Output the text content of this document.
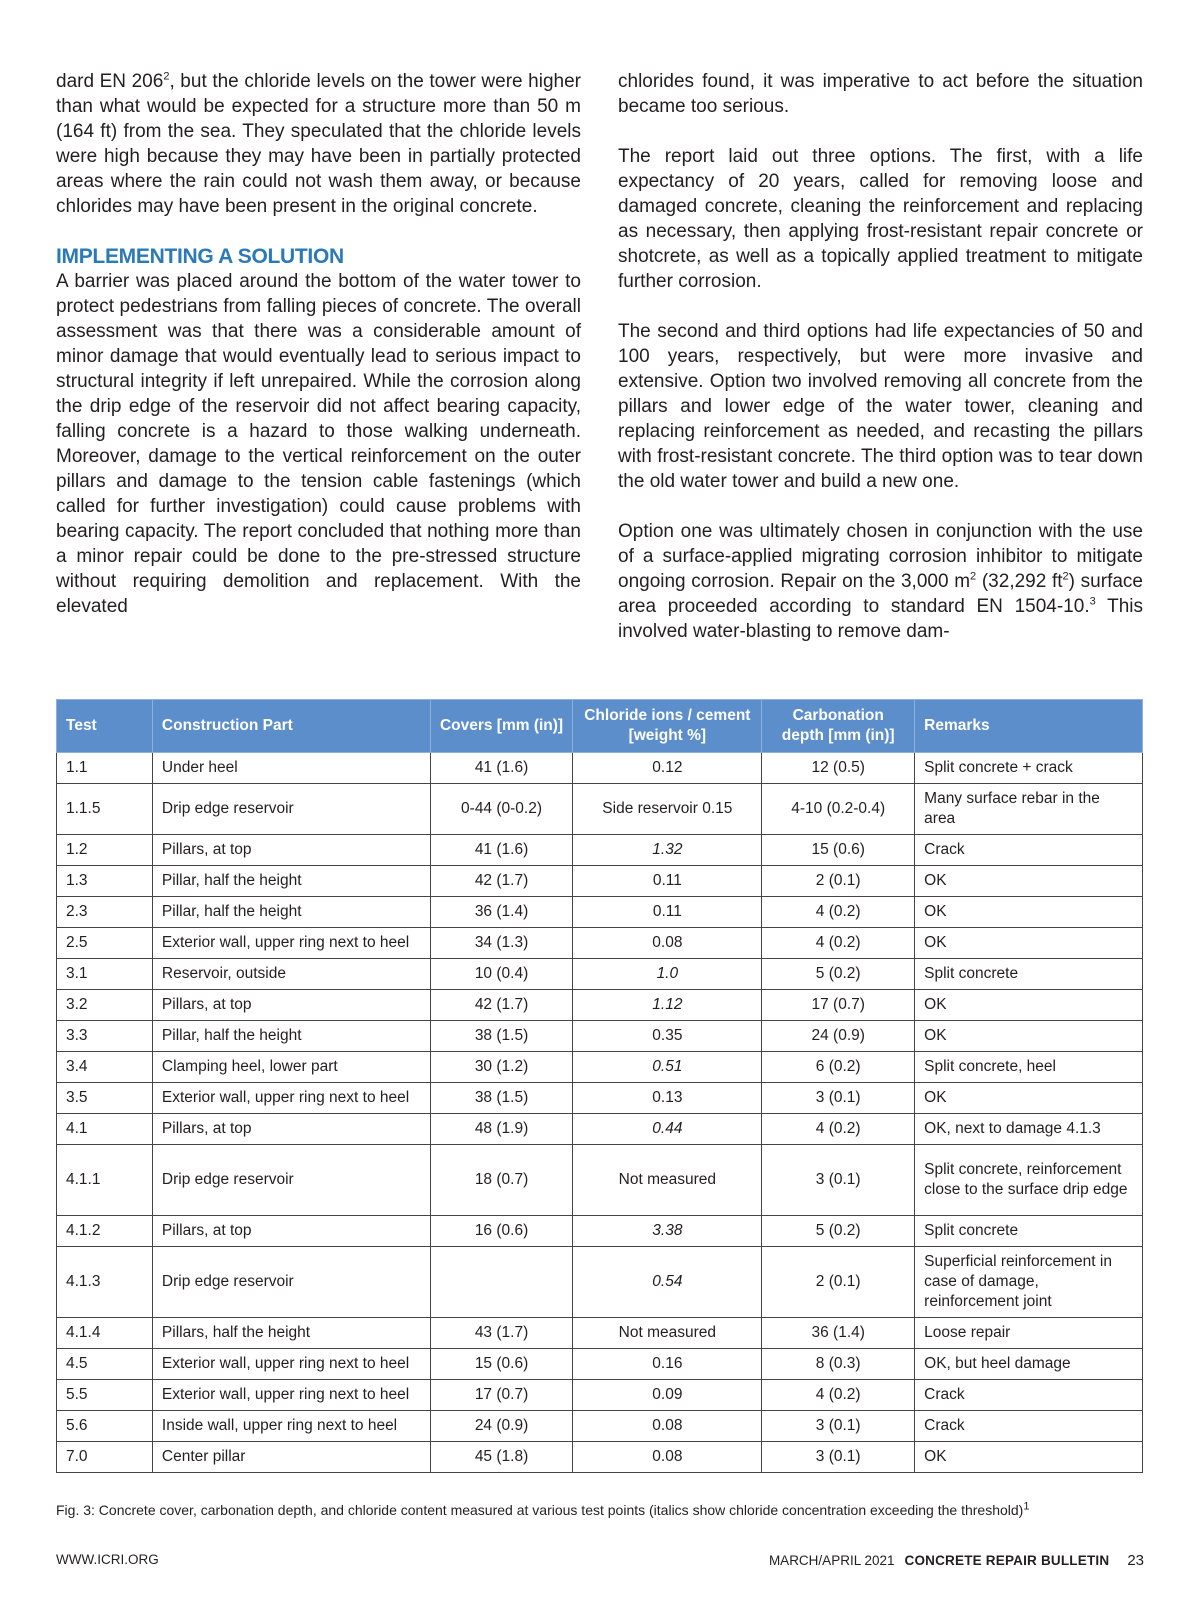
dard EN $206^2$, but the chloride levels on the tower were higher than what would be expected for a structure more than 50 m (164 ft) from the sea. They speculated that the chloride levels were high because they may have been in partially protected areas where the rain could not wash them away, or because chlorides may have been present in the original concrete.

IMPLEMENTING A SOLUTION

A barrier was placed around the bottom of the water tower to protect pedestrians from falling pieces of concrete. The overall assessment was that there was a considerable amount of minor damage that would eventually lead to serious impact to structural integrity if left unrepaired. While the corrosion along the drip edge of the reservoir did not affect bearing capacity, falling concrete is a hazard to those walking underneath. Moreover, damage to the vertical reinforcement on the outer pillars and damage to the tension cable fastenings (which called for further investigation) could cause problems with bearing capacity. The report concluded that nothing more than a minor repair could be done to the pre-stressed structure without requiring demolition and replacement. With the elevated

chlorides found, it was imperative to act before the situation became too serious.

The report laid out three options. The first, with a life expectancy of 20 years, called for removing loose and damaged concrete, cleaning the reinforcement and replacing as necessary, then applying frost-resistant repair concrete or shotcrete, as well as a topically applied treatment to mitigate further corrosion.

The second and third options had life expectancies of 50 and 100 years, respectively, but were more invasive and extensive. Option two involved removing all concrete from the pillars and lower edge of the water tower, cleaning and replacing reinforcement as needed, and recasting the pillars with frost-resistant concrete. The third option was to tear down the old water tower and build a new one.

Option one was ultimately chosen in conjunction with the use of a surface-applied migrating corrosion inhibitor to mitigate ongoing corrosion. Repair on the 3,000 $m^2$ (32,292 $ft^2$) surface area proceeded according to standard EN 1504-10.$^3$ This involved water-blasting to remove dam-

Test	Construction Part	Covers [mm (in)]	Chloride ions / cement [weight %]	Carbonation depth [mm (in)]	Remarks
1.1	Under heel	41 (1.6)	0.12	12 (0.5)	Split concrete + crack
1.1.5	Drip edge reservoir	0-44 (0-0.2)	Side reservoir 0.15	4-10 (0.2-0.4)	Many surface rebar in the area
1.2	Pillars, at top	41 (1.6)	1.32	15 (0.6)	Crack
1.3	Pillar, half the height	42 (1.7)	0.11	2 (0.1)	OK
2.3	Pillar, half the height	36 (1.4)	0.11	4 (0.2)	OK
2.5	Exterior wall, upper ring next to heel	34 (1.3)	0.08	4 (0.2)	OK
3.1	Reservoir, outside	10 (0.4)	1.0	5 (0.2)	Split concrete
3.2	Pillars, at top	42 (1.7)	1.12	17 (0.7)	OK
3.3	Pillar, half the height	38 (1.5)	0.35	24 (0.9)	OK
3.4	Clamping heel, lower part	30 (1.2)	0.51	6 (0.2)	Split concrete, heel
3.5	Exterior wall, upper ring next to heel	38 (1.5)	0.13	3 (0.1)	OK
4.1	Pillars, at top	48 (1.9)	0.44	4 (0.2)	OK, next to damage 4.1.3
4.1.1	Drip edge reservoir	18 (0.7)	Not measured	3 (0.1)	Split concrete, reinforcement close to the surface drip edge
4.1.2	Pillars, at top	16 (0.6)	3.38	5 (0.2)	Split concrete
4.1.3	Drip edge reservoir		0.54	2 (0.1)	Superficial reinforcement in case of damage, reinforcement joint
4.1.4	Pillars, half the height	43 (1.7)	Not measured	36 (1.4)	Loose repair
4.5	Exterior wall, upper ring next to heel	15 (0.6)	0.16	8 (0.3)	OK, but heel damage
5.5	Exterior wall, upper ring next to heel	17 (0.7)	0.09	4 (0.2)	Crack
5.6	Inside wall, upper ring next to heel	24 (0.9)	0.08	3 (0.1)	Crack
7.0	Center pillar	45 (1.8)	0.08	3 (0.1)	OK
Fig. 3: Concrete cover, carbonation depth, and chloride content measured at various test points (italics show chloride concentration exceeding the threshold)$^1$
WWW.ICRI.ORG	MARCH/APRIL 2021 CONCRETE REPAIR BULLETIN 23
